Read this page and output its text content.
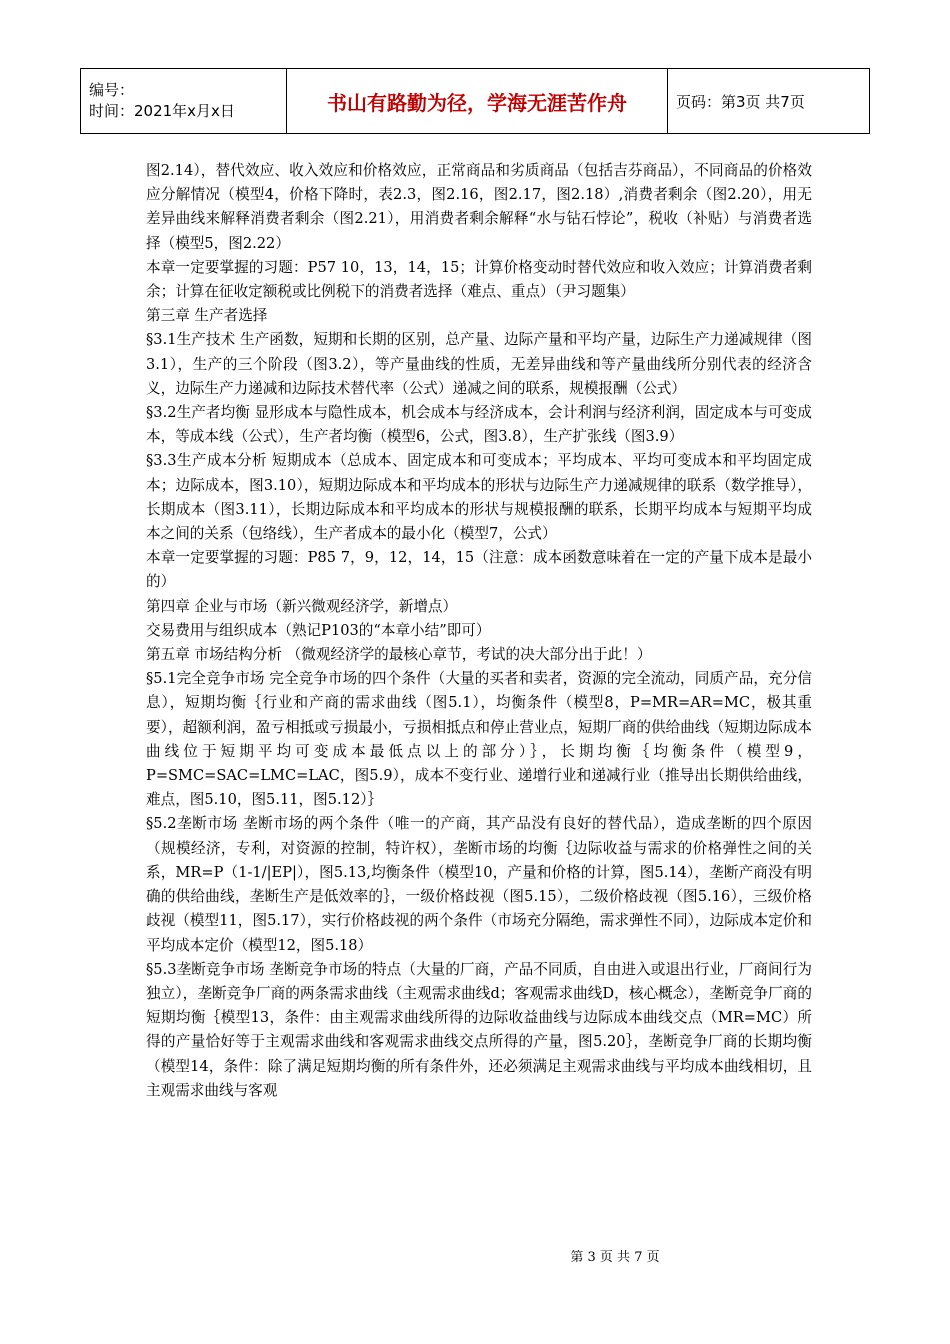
编号：
时间：2021年x月x日	书山有路勤为径，学海无涯苦作舟	页码：第3页 共7页

图2.14），替代效应、收入效应和价格效应，正常商品和劣质商品（包括吉芬商品），不同商品的价格效应分解情况（模型4，价格下降时，表2.3，图2.16，图2.17，图2.18）,消费者剩余（图2.20），用无差异曲线来解释消费者剩余（图2.21），用消费者剩余解释“水与钻石悖论”，税收（补贴）与消费者选择（模型5，图2.22）

本章一定要掌握的习题：P57 10，13，14，15；计算价格变动时替代效应和收入效应；计算消费者剩余；计算在征收定额税或比例税下的消费者选择（难点、重点）（尹习题集）

第三章 生产者选择

§3.1生产技术 生产函数，短期和长期的区别，总产量、边际产量和平均产量，边际生产力递减规律（图3.1），生产的三个阶段（图3.2），等产量曲线的性质，无差异曲线和等产量曲线所分别代表的经济含义，边际生产力递减和边际技术替代率（公式）递减之间的联系，规模报酬（公式）

§3.2生产者均衡 显形成本与隐性成本，机会成本与经济成本，会计利润与经济利润，固定成本与可变成本，等成本线（公式），生产者均衡（模型6，公式，图3.8），生产扩张线（图3.9）

§3.3生产成本分析 短期成本（总成本、固定成本和可变成本；平均成本、平均可变成本和平均固定成本；边际成本，图3.10），短期边际成本和平均成本的形状与边际生产力递减规律的联系（数学推导），长期成本（图3.11），长期边际成本和平均成本的形状与规模报酬的联系，长期平均成本与短期平均成本之间的关系（包络线），生产者成本的最小化（模型7，公式）

本章一定要掌握的习题：P85 7，9，12，14，15（注意：成本函数意味着在一定的产量下成本是最小的）

第四章 企业与市场（新兴微观经济学，新增点）

交易费用与组织成本（熟记P103的“本章小结”即可）

第五章 市场结构分析 （微观经济学的最核心章节，考试的决大部分出于此！）

§5.1完全竞争市场 完全竞争市场的四个条件（大量的买者和卖者，资源的完全流动，同质产品，充分信息），短期均衡｛行业和产商的需求曲线（图5.1），均衡条件（模型8，P=MR=AR=MC，极其重要），超额利润，盈亏相抵或亏损最小，亏损相抵点和停止营业点，短期厂商的供给曲线（短期边际成本曲线位于短期平均可变成本最低点以上的部分）｝，长期均衡｛均衡条件（模型9，P=SMC=SAC=LMC=LAC，图5.9），成本不变行业、递增行业和递减行业（推导出长期供给曲线，难点，图5.10，图5.11，图5.12）｝

§5.2垄断市场 垄断市场的两个条件（唯一的产商，其产品没有良好的替代品），造成垄断的四个原因（规模经济，专利，对资源的控制，特许权），垄断市场的均衡｛边际收益与需求的价格弹性之间的关系，MR=P（1-1/|EP|），图5.13,均衡条件（模型10，产量和价格的计算，图5.14），垄断产商没有明确的供给曲线，垄断生产是低效率的｝，一级价格歧视（图5.15），二级价格歧视（图5.16），三级价格歧视（模型11，图5.17），实行价格歧视的两个条件（市场充分隔绝，需求弹性不同），边际成本定价和平均成本定价（模型12，图5.18）

§5.3垄断竞争市场 垄断竞争市场的特点（大量的厂商，产品不同质，自由进入或退出行业，厂商间行为独立），垄断竞争厂商的两条需求曲线（主观需求曲线d；客观需求曲线D，核心概念），垄断竞争厂商的短期均衡｛模型13，条件：由主观需求曲线所得的边际收益曲线与边际成本曲线交点（MR=MC）所得的产量恰好等于主观需求曲线和客观需求曲线交点所得的产量，图5.20｝，垄断竞争厂商的长期均衡（模型14，条件：除了满足短期均衡的所有条件外，还必须满足主观需求曲线与平均成本曲线相切，且主观需求曲线与客观

第 3 页 共 7 页
